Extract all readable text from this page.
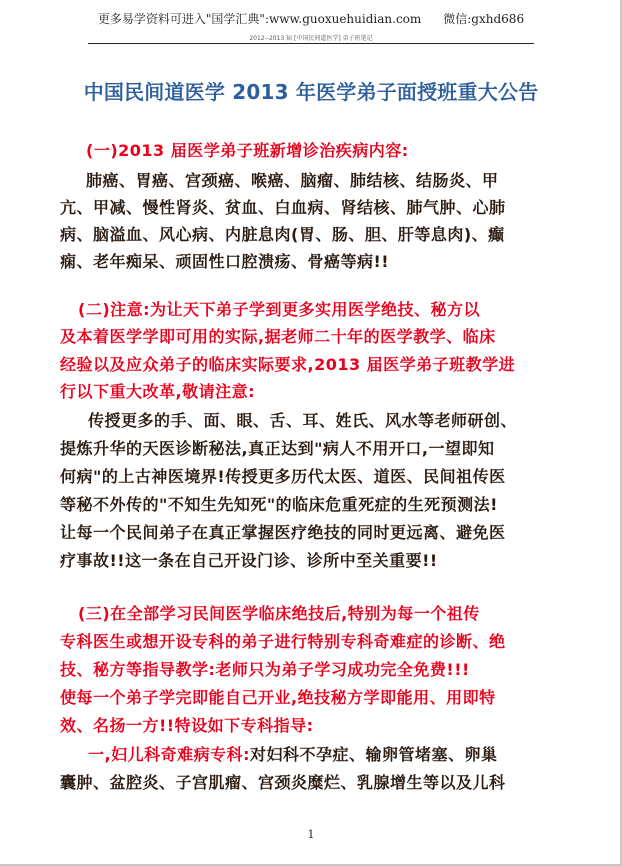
更多易学资料可进入"国学汇典":www.guoxuehuidian.com 微信:gxhd686
2012--2013 届 [中国民间道医学] 弟子班笔记
中国民间道医学 2013 年医学弟子面授班重大公告
(一)2013 届医学弟子班新增诊治疾病内容:
肺癌、胃癌、宫颈癌、喉癌、脑瘤、肺结核、结肠炎、甲
亢、甲减、慢性肾炎、贫血、白血病、肾结核、肺气肿、心肺
病、脑溢血、风心病、内脏息肉(胃、肠、胆、肝等息肉)、癫
痫、老年痴呆、顽固性口腔溃疡、骨癌等病!!
(二)注意:为让天下弟子学到更多实用医学绝技、秘方以
及本着医学学即可用的实际,据老师二十年的医学教学、临床
经验以及应众弟子的临床实际要求,2013 届医学弟子班教学进
行以下重大改革,敬请注意:
传授更多的手、面、眼、舌、耳、姓氏、风水等老师研创、
提炼升华的天医诊断秘法,真正达到"病人不用开口,一望即知
何病"的上古神医境界!传授更多历代太医、道医、民间祖传医
等秘不外传的"不知生先知死"的临床危重死症的生死预测法!
让每一个民间弟子在真正掌握医疗绝技的同时更远离、避免医
疗事故!!这一条在自己开设门诊、诊所中至关重要!!
(三)在全部学习民间医学临床绝技后,特别为每一个祖传
专科医生或想开设专科的弟子进行特别专科奇难症的诊断、绝
技、秘方等指导教学:老师只为弟子学习成功完全免费!!!
使每一个弟子学完即能自己开业,绝技秘方学即能用、用即特
效、名扬一方!!特设如下专科指导:
一,妇儿科奇难病专科:对妇科不孕症、输卵管堵塞、卵巢
囊肿、盆腔炎、子宫肌瘤、宫颈炎糜烂、乳腺增生等以及儿科
1
